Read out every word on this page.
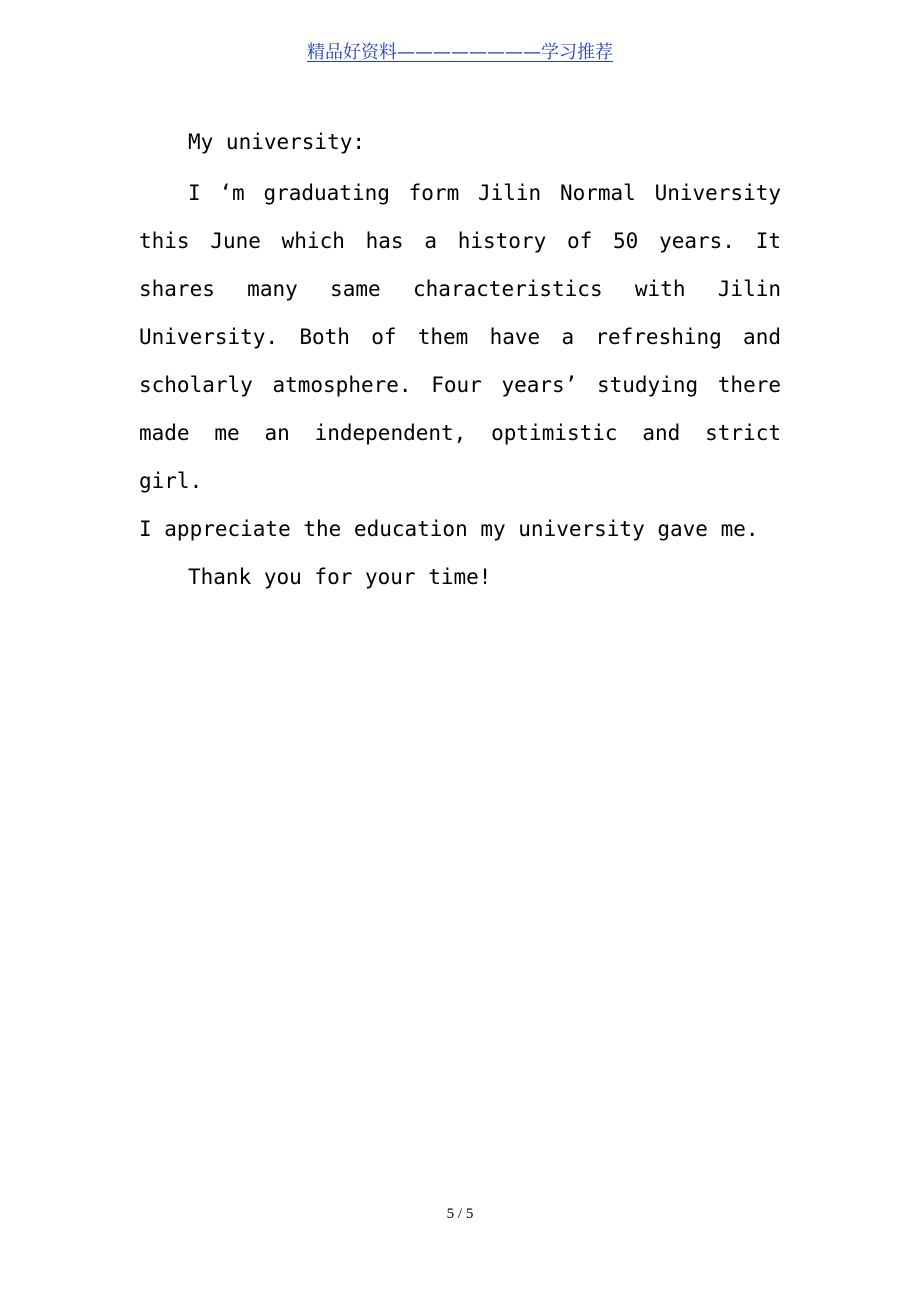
精品好资料————————学习推荐

My university:

I ‘m graduating form Jilin Normal University this June which has a history of 50 years. It shares many same characteristics with Jilin University. Both of them have a refreshing and scholarly atmosphere. Four years’ studying there made me an independent, optimistic and strict girl.

I appreciate the education my university gave me.

Thank you for your time!

5 / 5
